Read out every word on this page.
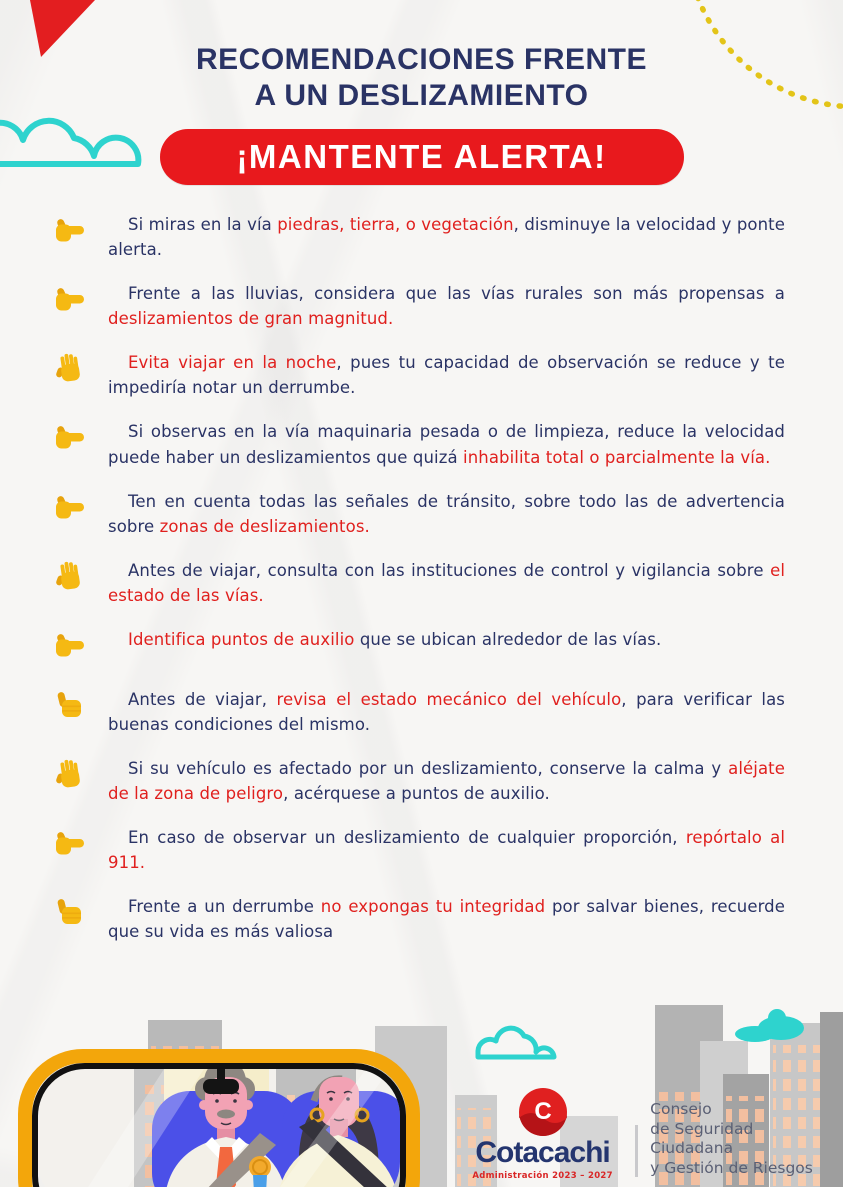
RECOMENDACIONES FRENTE
A UN DESLIZAMIENTO
¡MANTENTE ALERTA!

Si miras en la vía piedras, tierra, o vegetación, disminuye la velocidad y ponte alerta.

Frente a las lluvias, considera que las vías rurales son más propensas a deslizamientos de gran magnitud.

Evita viajar en la noche, pues tu capacidad de observación se reduce y te impediría notar un derrumbe.

Si observas en la vía maquinaria pesada o de limpieza, reduce la velocidad puede haber un deslizamientos que quizá inhabilita total o parcialmente la vía.

Ten en cuenta todas las señales de tránsito, sobre todo las de advertencia sobre zonas de deslizamientos.

Antes de viajar, consulta con las instituciones de control y vigilancia sobre el estado de las vías.

Identifica puntos de auxilio que se ubican alrededor de las vías.

Antes de viajar, revisa el estado mecánico del vehículo, para verificar las buenas condiciones del mismo.

Si su vehículo es afectado por un deslizamiento, conserve la calma y aléjate de la zona de peligro, acérquese a puntos de auxilio.

En caso de observar un deslizamiento de cualquier proporción, repórtalo al 911.

Frente a un derrumbe no expongas tu integridad por salvar bienes, recuerde que su vida es más valiosa

C
Cotacachi
Administración 2023 – 2027
Consejo
de Seguridad Ciudadana
y Gestión de Riesgos
